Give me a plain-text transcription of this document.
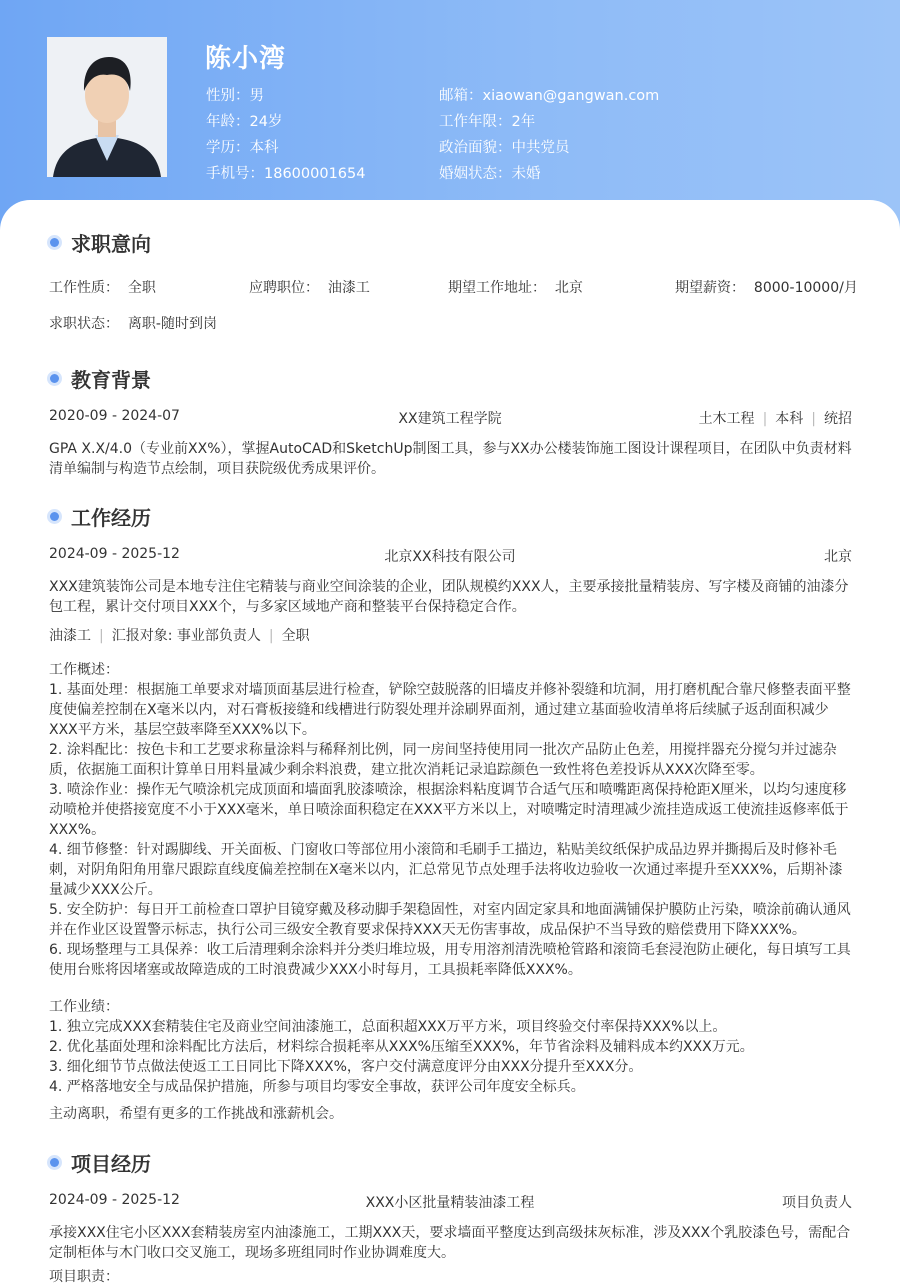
陈小湾
性别：男
年龄：24岁
学历：本科
手机号：18600001654
邮箱：xiaowan@gangwan.com
工作年限：2年
政治面貌：中共党员
婚姻状态：未婚
求职意向
工作性质： 全职	应聘职位： 油漆工	期望工作地址： 北京	期望薪资： 8000-10000/月
求职状态： 离职-随时到岗
教育背景
2020-09 - 2024-07	XX建筑工程学院	土木工程 | 本科 | 统招
GPA X.X/4.0（专业前XX%），掌握AutoCAD和SketchUp制图工具，参与XX办公楼装饰施工图设计课程项目，在团队中负责材料清单编制与构造节点绘制，项目获院级优秀成果评价。
工作经历
2024-09 - 2025-12	北京XX科技有限公司	北京
XXX建筑装饰公司是本地专注住宅精装与商业空间涂装的企业，团队规模约XXX人，主要承接批量精装房、写字楼及商铺的油漆分包工程，累计交付项目XXX个，与多家区域地产商和整装平台保持稳定合作。
油漆工 | 汇报对象: 事业部负责人 | 全职
工作概述：
1. 基面处理：根据施工单要求对墙顶面基层进行检查，铲除空鼓脱落的旧墙皮并修补裂缝和坑洞，用打磨机配合靠尺修整表面平整度使偏差控制在X毫米以内，对石膏板接缝和线槽进行防裂处理并涂刷界面剂，通过建立基面验收清单将后续腻子返刮面积减少XXX平方米，基层空鼓率降至XXX%以下。
2. 涂料配比：按色卡和工艺要求称量涂料与稀释剂比例，同一房间坚持使用同一批次产品防止色差，用搅拌器充分搅匀并过滤杂质，依据施工面积计算单日用料量减少剩余料浪费，建立批次消耗记录追踪颜色一致性将色差投诉从XXX次降至零。
3. 喷涂作业：操作无气喷涂机完成顶面和墙面乳胶漆喷涂，根据涂料粘度调节合适气压和喷嘴距离保持枪距X厘米，以均匀速度移动喷枪并使搭接宽度不小于XXX毫米，单日喷涂面积稳定在XXX平方米以上，对喷嘴定时清理减少流挂造成返工使流挂返修率低于XXX%。
4. 细节修整：针对踢脚线、开关面板、门窗收口等部位用小滚筒和毛刷手工描边，粘贴美纹纸保护成品边界并撕揭后及时修补毛刺，对阴角阳角用靠尺跟踪直线度偏差控制在X毫米以内，汇总常见节点处理手法将收边验收一次通过率提升至XXX%，后期补漆量减少XXX公斤。
5. 安全防护：每日开工前检查口罩护目镜穿戴及移动脚手架稳固性，对室内固定家具和地面满铺保护膜防止污染，喷涂前确认通风并在作业区设置警示标志，执行公司三级安全教育要求保持XXX天无伤害事故，成品保护不当导致的赔偿费用下降XXX%。
6. 现场整理与工具保养：收工后清理剩余涂料并分类归堆垃圾，用专用溶剂清洗喷枪管路和滚筒毛套浸泡防止硬化，每日填写工具使用台账将因堵塞或故障造成的工时浪费减少XXX小时每月，工具损耗率降低XXX%。
工作业绩：
1. 独立完成XXX套精装住宅及商业空间油漆施工，总面积超XXX万平方米，项目终验交付率保持XXX%以上。
2. 优化基面处理和涂料配比方法后，材料综合损耗率从XXX%压缩至XXX%，年节省涂料及辅料成本约XXX万元。
3. 细化细节节点做法使返工工日同比下降XXX%，客户交付满意度评分由XXX分提升至XXX分。
4. 严格落地安全与成品保护措施，所参与项目均零安全事故，获评公司年度安全标兵。
主动离职，希望有更多的工作挑战和涨薪机会。
项目经历
2024-09 - 2025-12	XXX小区批量精装油漆工程	项目负责人
承接XXX住宅小区XXX套精装房室内油漆施工，工期XXX天，要求墙面平整度达到高级抹灰标准，涉及XXX个乳胶漆色号，需配合定制柜体与木门收口交叉施工，现场多班组同时作业协调难度大。
项目职责：
